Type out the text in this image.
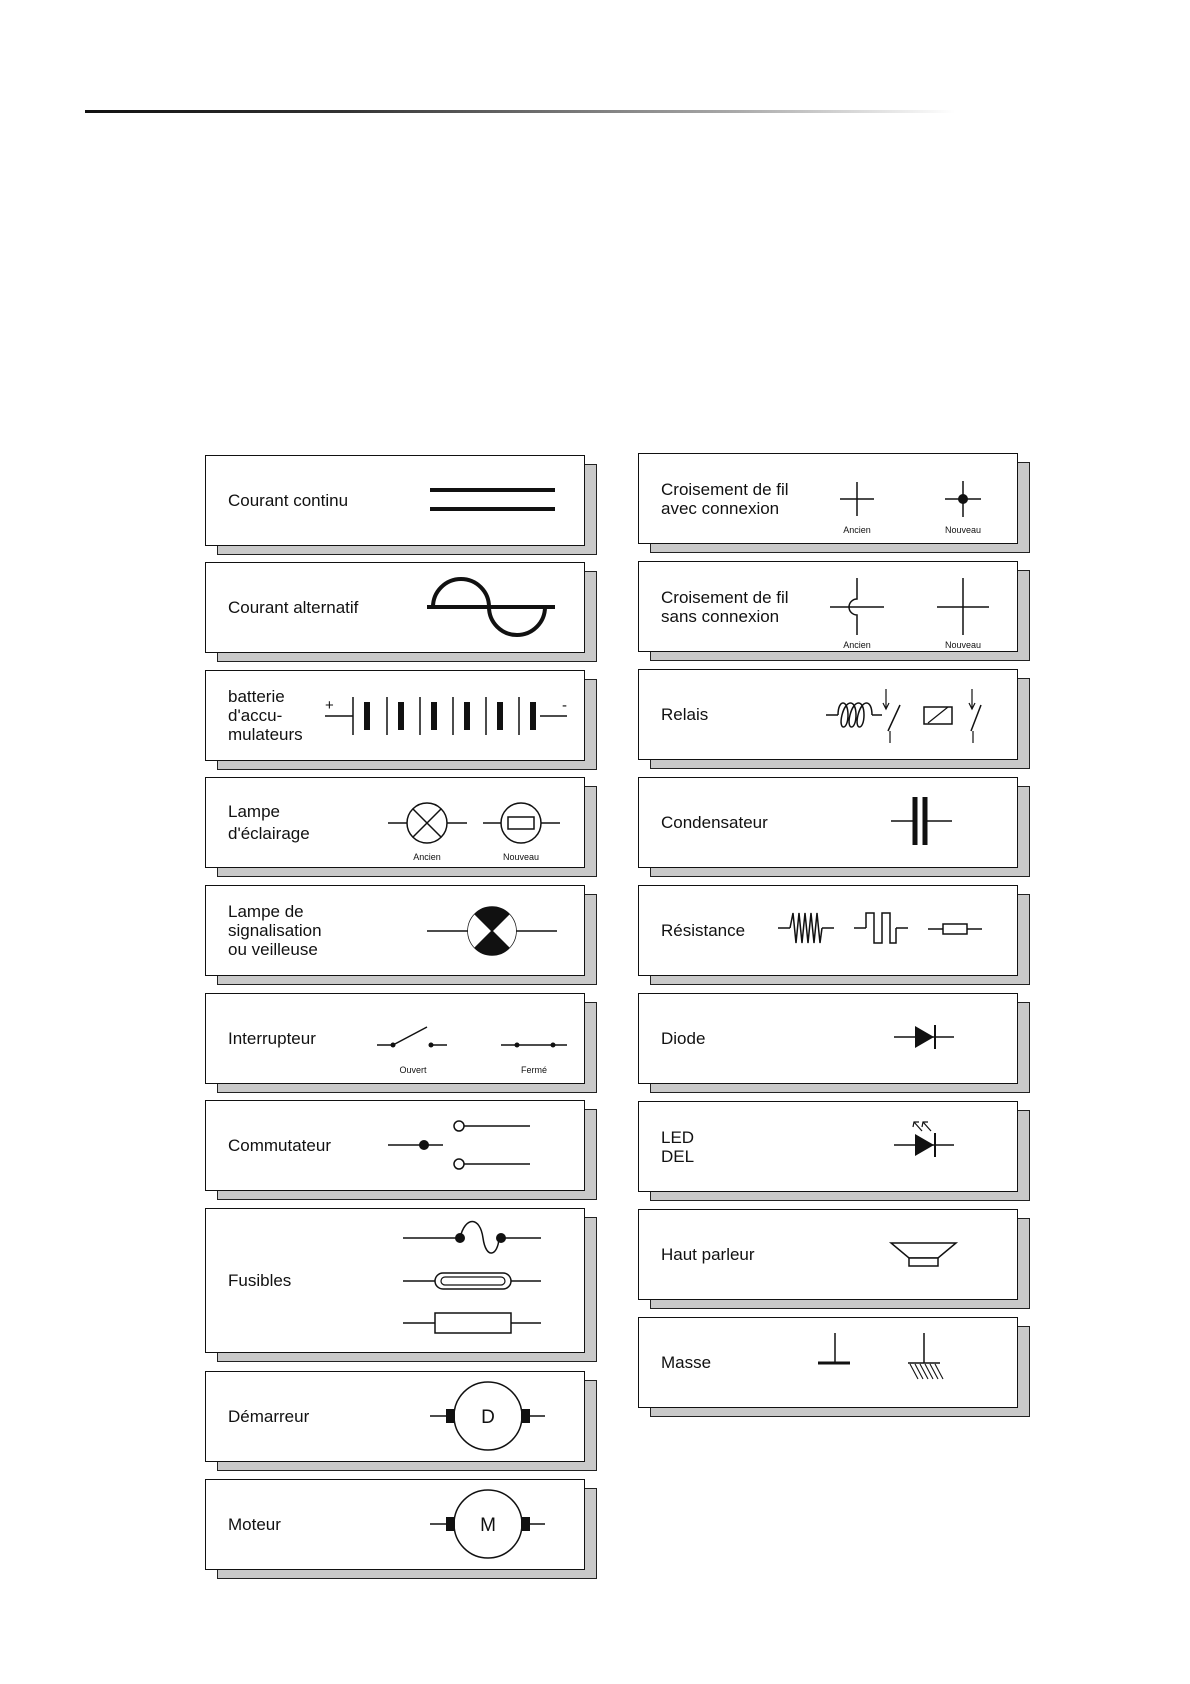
Courant continu
Courant alternatif
batterie
d'accu-
mulateurs
+	-
Lampe
d'éclairage
Ancien	Nouveau
Lampe de
signalisation
ou veilleuse
Interrupteur
Ouvert	Fermé
Commutateur
Fusibles
Démarreur	D
Moteur	M
Croisement de fil
avec connexion
Ancien	Nouveau
Croisement de fil
sans connexion
Ancien	Nouveau
Relais
Condensateur
Résistance
Diode
LED
DEL
Haut parleur
Masse
